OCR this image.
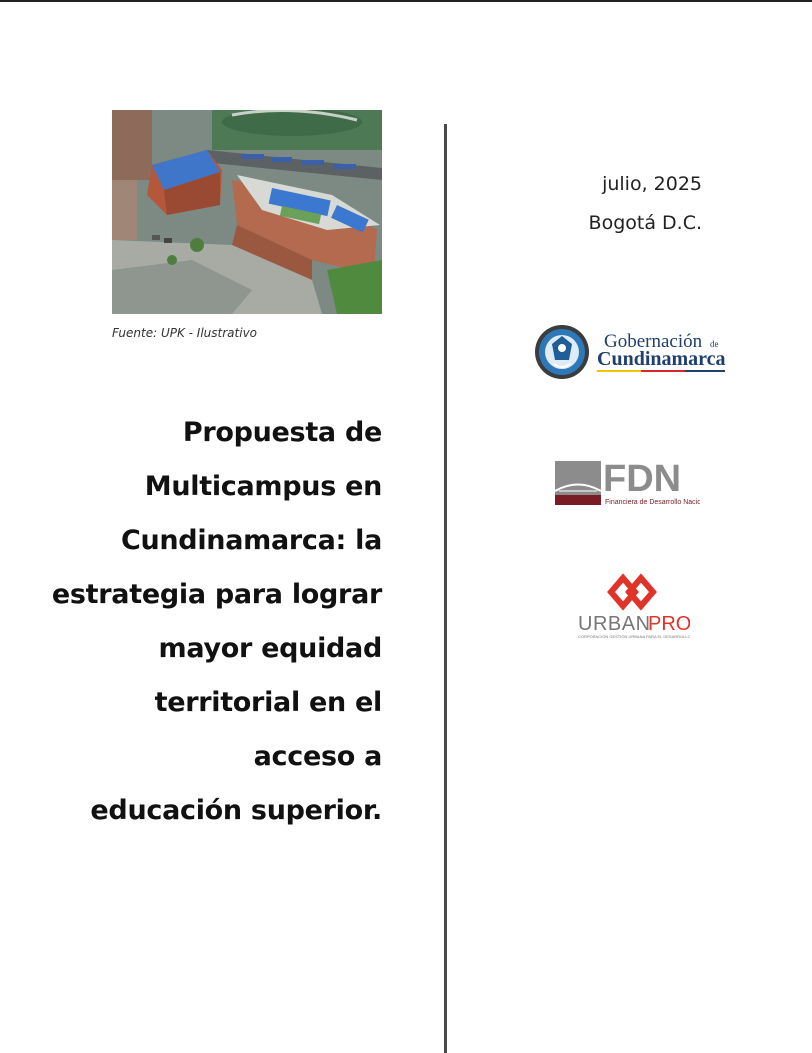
Fuente: UPK - Ilustrativo
Propuesta de
Multicampus en
Cundinamarca: la
estrategia para lograr
mayor equidad
territorial en el
acceso a
educación superior.
julio, 2025
Bogotá D.C.
Gobernación de
Cundinamarca
FDN
Financiera de Desarrollo Nacional
URBAN
PRO
CORPORACIÓN GESTIÓN URBANA PARA EL DESARROLLO
